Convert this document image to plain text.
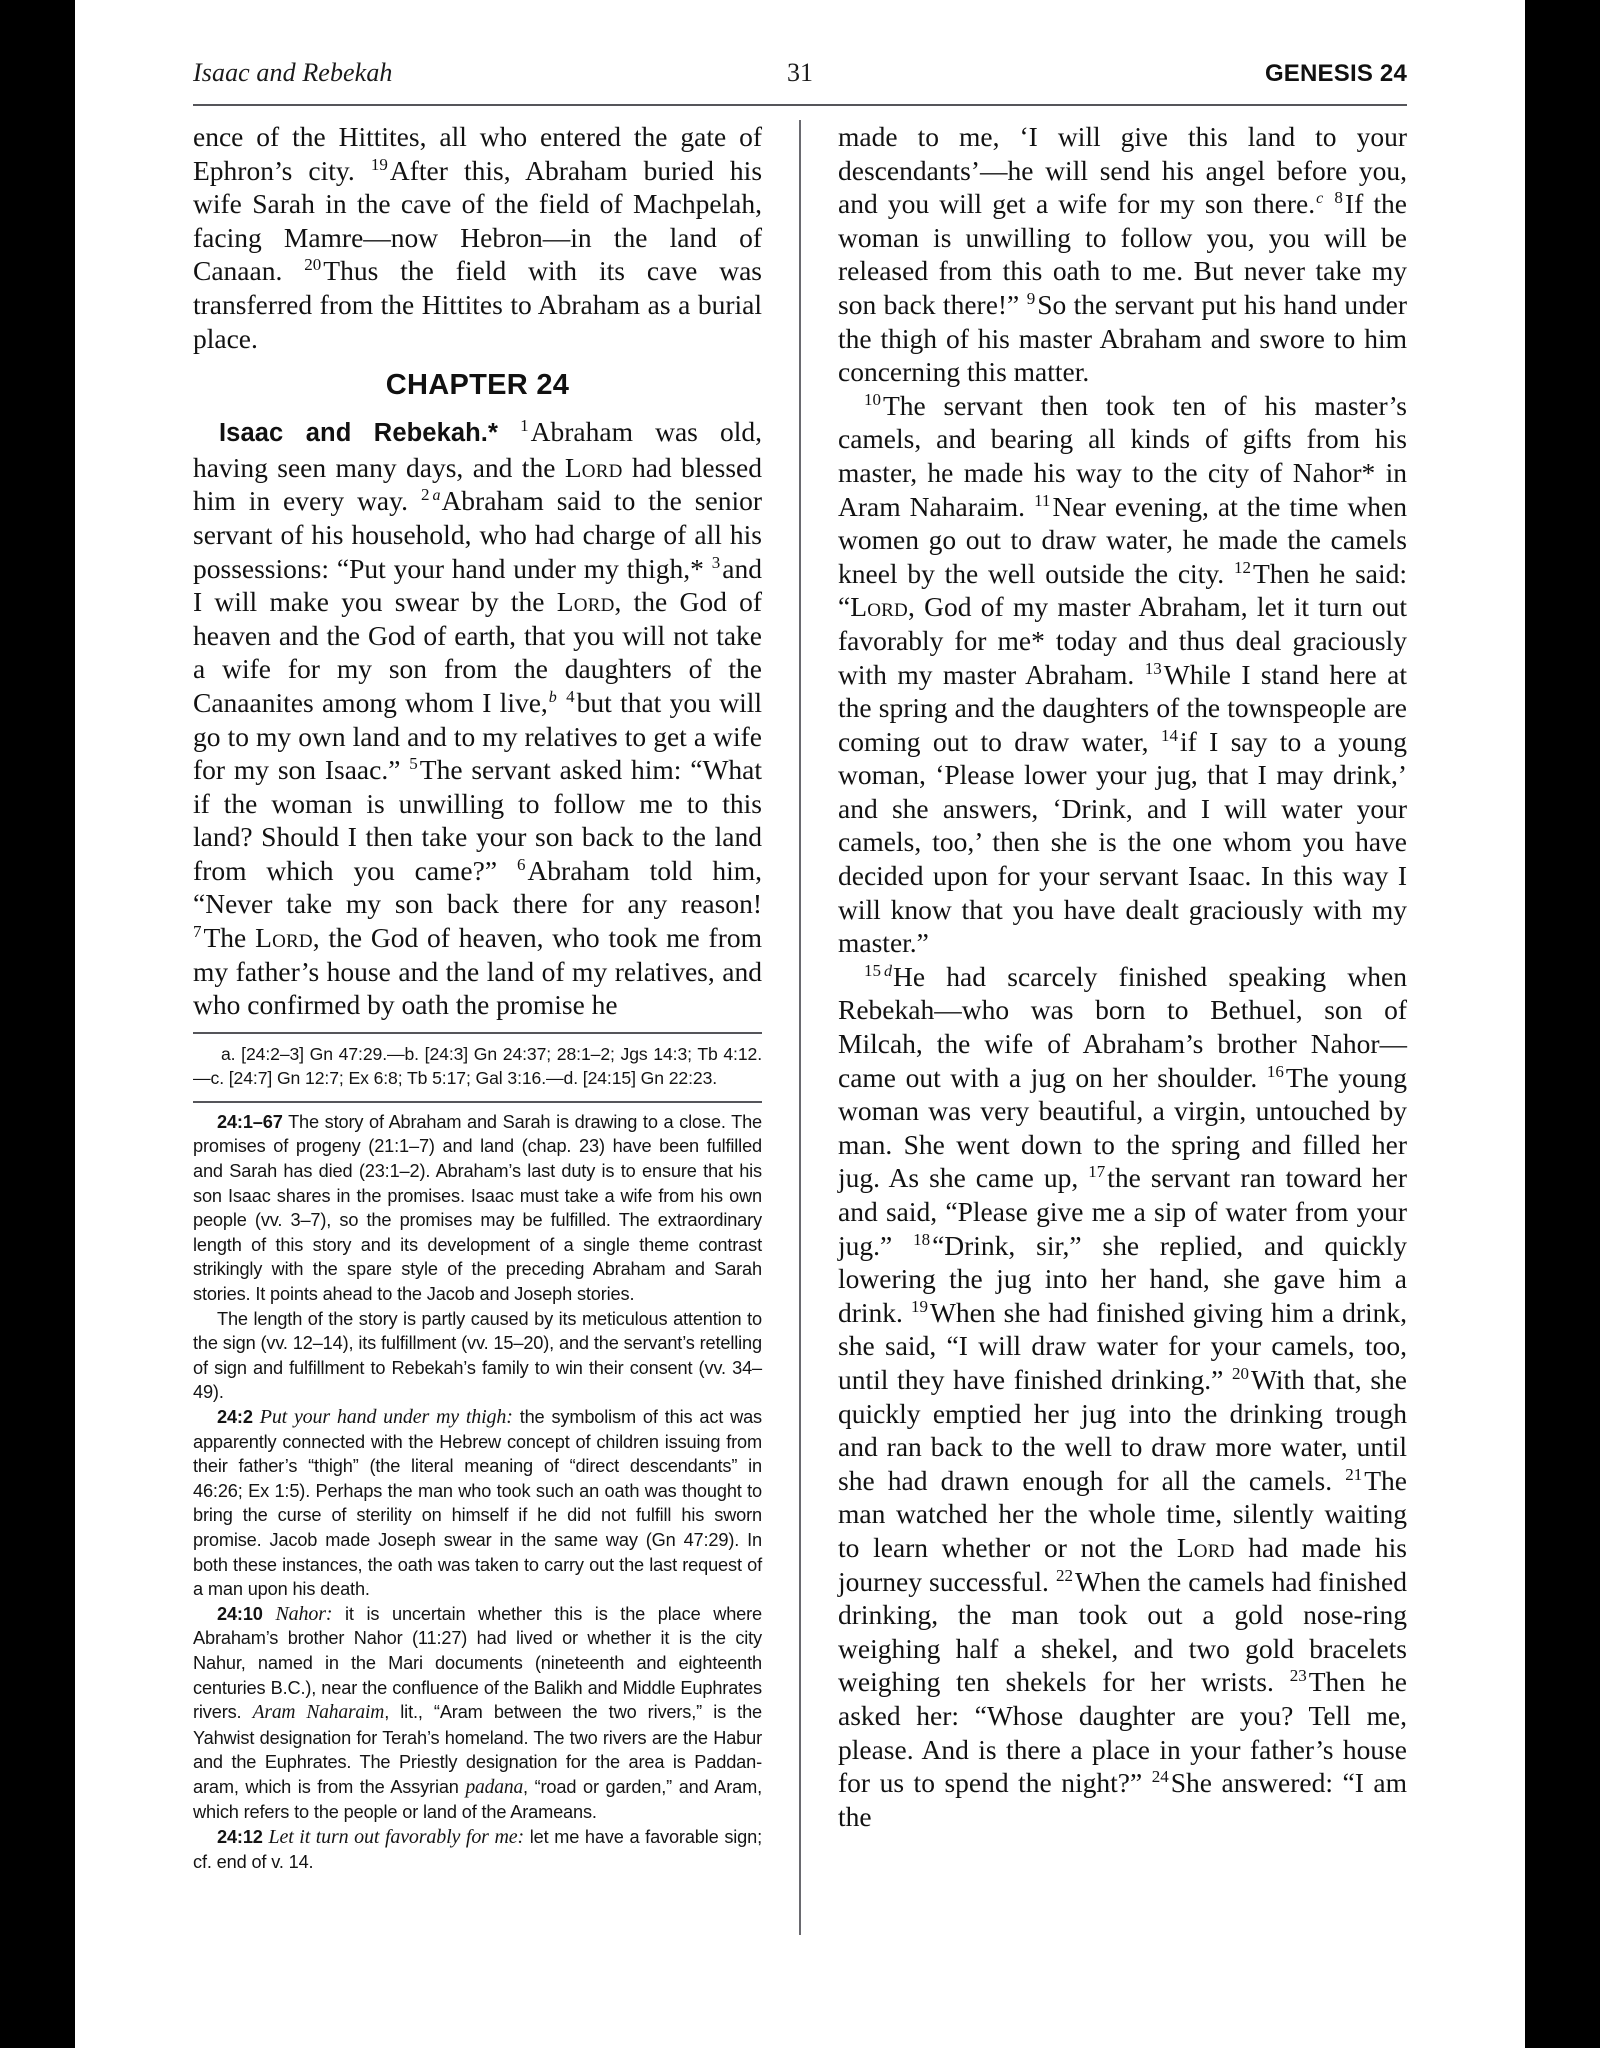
Isaac and Rebekah	31	GENESIS 24

ence of the Hittites, all who entered the gate of Ephron’s city. $^{19}$After this, Abraham buried his wife Sarah in the cave of the field of Machpelah, facing Mamre—now Hebron—in the land of Canaan. $^{20}$Thus the field with its cave was transferred from the Hittites to Abraham as a burial place.

CHAPTER 24

Isaac and Rebekah.* $^1$Abraham was old, having seen many days, and the Lord had blessed him in every way. $^2$ $^a$Abraham said to the senior servant of his household, who had charge of all his possessions: “Put your hand under my thigh,* $^3$and I will make you swear by the Lord, the God of heaven and the God of earth, that you will not take a wife for my son from the daughters of the Canaanites among whom I live,$^b$ $^4$but that you will go to my own land and to my relatives to get a wife for my son Isaac.” $^5$The servant asked him: “What if the woman is unwilling to follow me to this land? Should I then take your son back to the land from which you came?” $^6$Abraham told him, “Never take my son back there for any reason! $^7$The Lord, the God of heaven, who took me from my father’s house and the land of my relatives, and who confirmed by oath the promise he

a. [24:2–3] Gn 47:29.—b. [24:3] Gn 24:37; 28:1–2; Jgs 14:3; Tb 4:12.—c. [24:7] Gn 12:7; Ex 6:8; Tb 5:17; Gal 3:16.—d. [24:15] Gn 22:23.

24:1–67 The story of Abraham and Sarah is drawing to a close. The promises of progeny (21:1–7) and land (chap. 23) have been fulfilled and Sarah has died (23:1–2). Abraham’s last duty is to ensure that his son Isaac shares in the promises. Isaac must take a wife from his own people (vv. 3–7), so the promises may be fulfilled. The extraordinary length of this story and its development of a single theme contrast strikingly with the spare style of the preceding Abraham and Sarah stories. It points ahead to the Jacob and Joseph stories.

The length of the story is partly caused by its meticulous attention to the sign (vv. 12–14), its fulfillment (vv. 15–20), and the servant’s retelling of sign and fulfillment to Rebekah’s family to win their consent (vv. 34–49).

24:2 Put your hand under my thigh: the symbolism of this act was apparently connected with the Hebrew concept of children issuing from their father’s “thigh” (the literal meaning of “direct descendants” in 46:26; Ex 1:5). Perhaps the man who took such an oath was thought to bring the curse of sterility on himself if he did not fulfill his sworn promise. Jacob made Joseph swear in the same way (Gn 47:29). In both these instances, the oath was taken to carry out the last request of a man upon his death.

24:10 Nahor: it is uncertain whether this is the place where Abraham’s brother Nahor (11:27) had lived or whether it is the city Nahur, named in the Mari documents (nineteenth and eighteenth centuries B.C.), near the confluence of the Balikh and Middle Euphrates rivers. Aram Naharaim, lit., “Aram between the two rivers,” is the Yahwist designation for Terah’s homeland. The two rivers are the Habur and the Euphrates. The Priestly designation for the area is Paddan-aram, which is from the Assyrian padana, “road or garden,” and Aram, which refers to the people or land of the Arameans.

24:12 Let it turn out favorably for me: let me have a favorable sign; cf. end of v. 14.

made to me, ‘I will give this land to your descendants’—he will send his angel before you, and you will get a wife for my son there.$^c$ $^8$If the woman is unwilling to follow you, you will be released from this oath to me. But never take my son back there!” $^9$So the servant put his hand under the thigh of his master Abraham and swore to him concerning this matter.

$^{10}$The servant then took ten of his master’s camels, and bearing all kinds of gifts from his master, he made his way to the city of Nahor* in Aram Naharaim. $^{11}$Near evening, at the time when women go out to draw water, he made the camels kneel by the well outside the city. $^{12}$Then he said: “Lord, God of my master Abraham, let it turn out favorably for me* today and thus deal graciously with my master Abraham. $^{13}$While I stand here at the spring and the daughters of the townspeople are coming out to draw water, $^{14}$if I say to a young woman, ‘Please lower your jug, that I may drink,’ and she answers, ‘Drink, and I will water your camels, too,’ then she is the one whom you have decided upon for your servant Isaac. In this way I will know that you have dealt graciously with my master.”

$^{15}$ $^d$He had scarcely finished speaking when Rebekah—who was born to Bethuel, son of Milcah, the wife of Abraham’s brother Nahor—came out with a jug on her shoulder. $^{16}$The young woman was very beautiful, a virgin, untouched by man. She went down to the spring and filled her jug. As she came up, $^{17}$the servant ran toward her and said, “Please give me a sip of water from your jug.” $^{18}$“Drink, sir,” she replied, and quickly lowering the jug into her hand, she gave him a drink. $^{19}$When she had finished giving him a drink, she said, “I will draw water for your camels, too, until they have finished drinking.” $^{20}$With that, she quickly emptied her jug into the drinking trough and ran back to the well to draw more water, until she had drawn enough for all the camels. $^{21}$The man watched her the whole time, silently waiting to learn whether or not the Lord had made his journey successful. $^{22}$When the camels had finished drinking, the man took out a gold nose-ring weighing half a shekel, and two gold bracelets weighing ten shekels for her wrists. $^{23}$Then he asked her: “Whose daughter are you? Tell me, please. And is there a place in your father’s house for us to spend the night?” $^{24}$She answered: “I am the
